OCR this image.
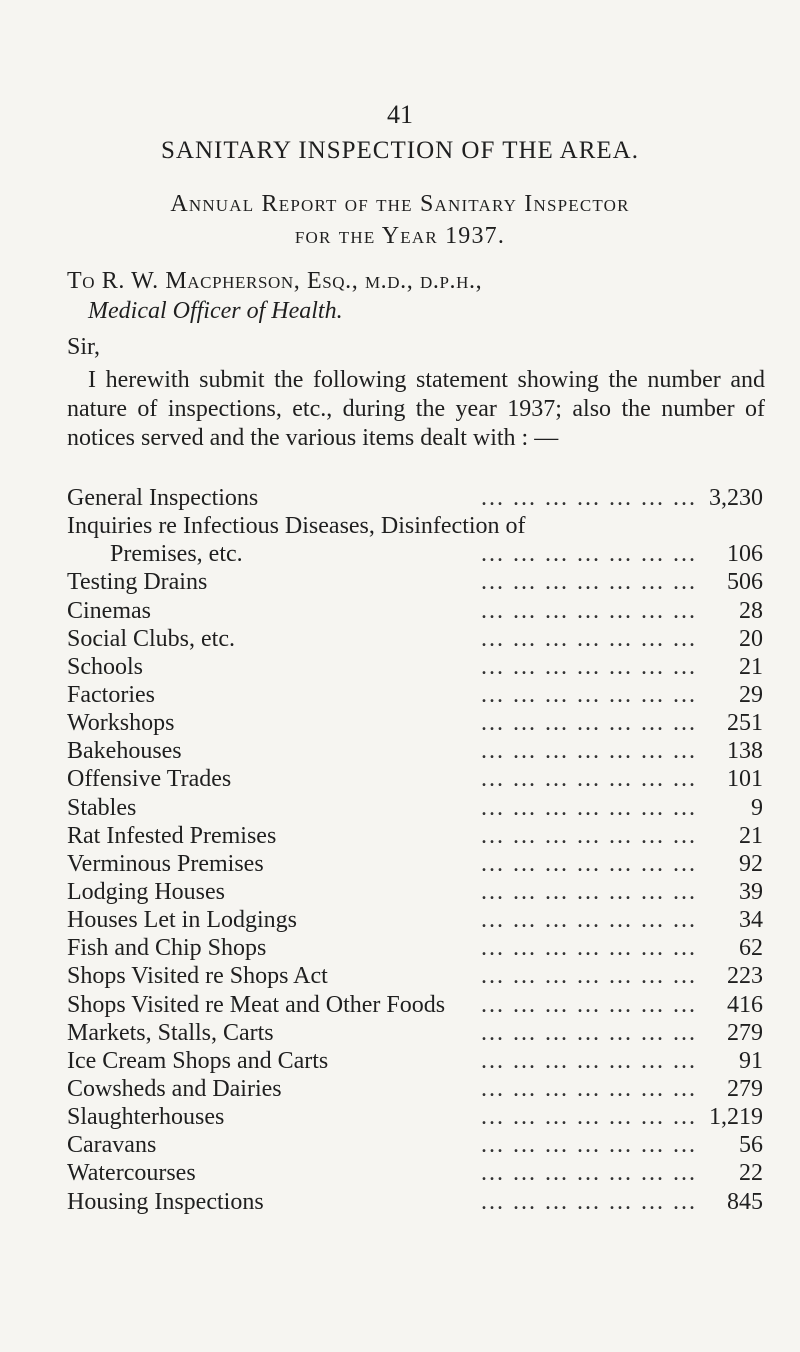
41
SANITARY INSPECTION OF THE AREA.
Annual Report of the Sanitary Inspector
for the Year 1937.
To R. W. Macpherson, Esq., m.d., d.p.h.,
Medical Officer of Health.
Sir,
I herewith submit the following statement showing the number and nature of inspections, etc., during the year 1937; also the number of notices served and the various items dealt with : —
General Inspections	... ... ... ... ... ... ... 3,230
Inquiries re Infectious Diseases, Disinfection of
Premises, etc.	... ... ... ... ... ... ...	106
Testing Drains	... ... ... ... ... ... ...	506
Cinemas	... ... ... ... ... ... ...	28
Social Clubs, etc.	... ... ... ... ... ... ...	20
Schools	... ... ... ... ... ... ...	21
Factories	... ... ... ... ... ... ...	29
Workshops	... ... ... ... ... ... ...	251
Bakehouses	... ... ... ... ... ... ...	138
Offensive Trades	... ... ... ... ... ... ...	101
Stables	... ... ... ... ... ... ...	9
Rat Infested Premises	... ... ... ... ... ... ...	21
Verminous Premises	... ... ... ... ... ... ...	92
Lodging Houses	... ... ... ... ... ... ...	39
Houses Let in Lodgings	... ... ... ... ... ... ...	34
Fish and Chip Shops	... ... ... ... ... ... ...	62
Shops Visited re Shops Act	... ... ... ... ... ... ...	223
Shops Visited re Meat and Other Foods	... ... ... ... ... ... ...	416
Markets, Stalls, Carts	... ... ... ... ... ... ...	279
Ice Cream Shops and Carts	... ... ... ... ... ... ...	91
Cowsheds and Dairies	... ... ... ... ... ... ...	279
Slaughterhouses	... ... ... ... ... ... ... 1,219
Caravans	... ... ... ... ... ... ...	56
Watercourses	... ... ... ... ... ... ...	22
Housing Inspections	... ... ... ... ... ... ...	845
